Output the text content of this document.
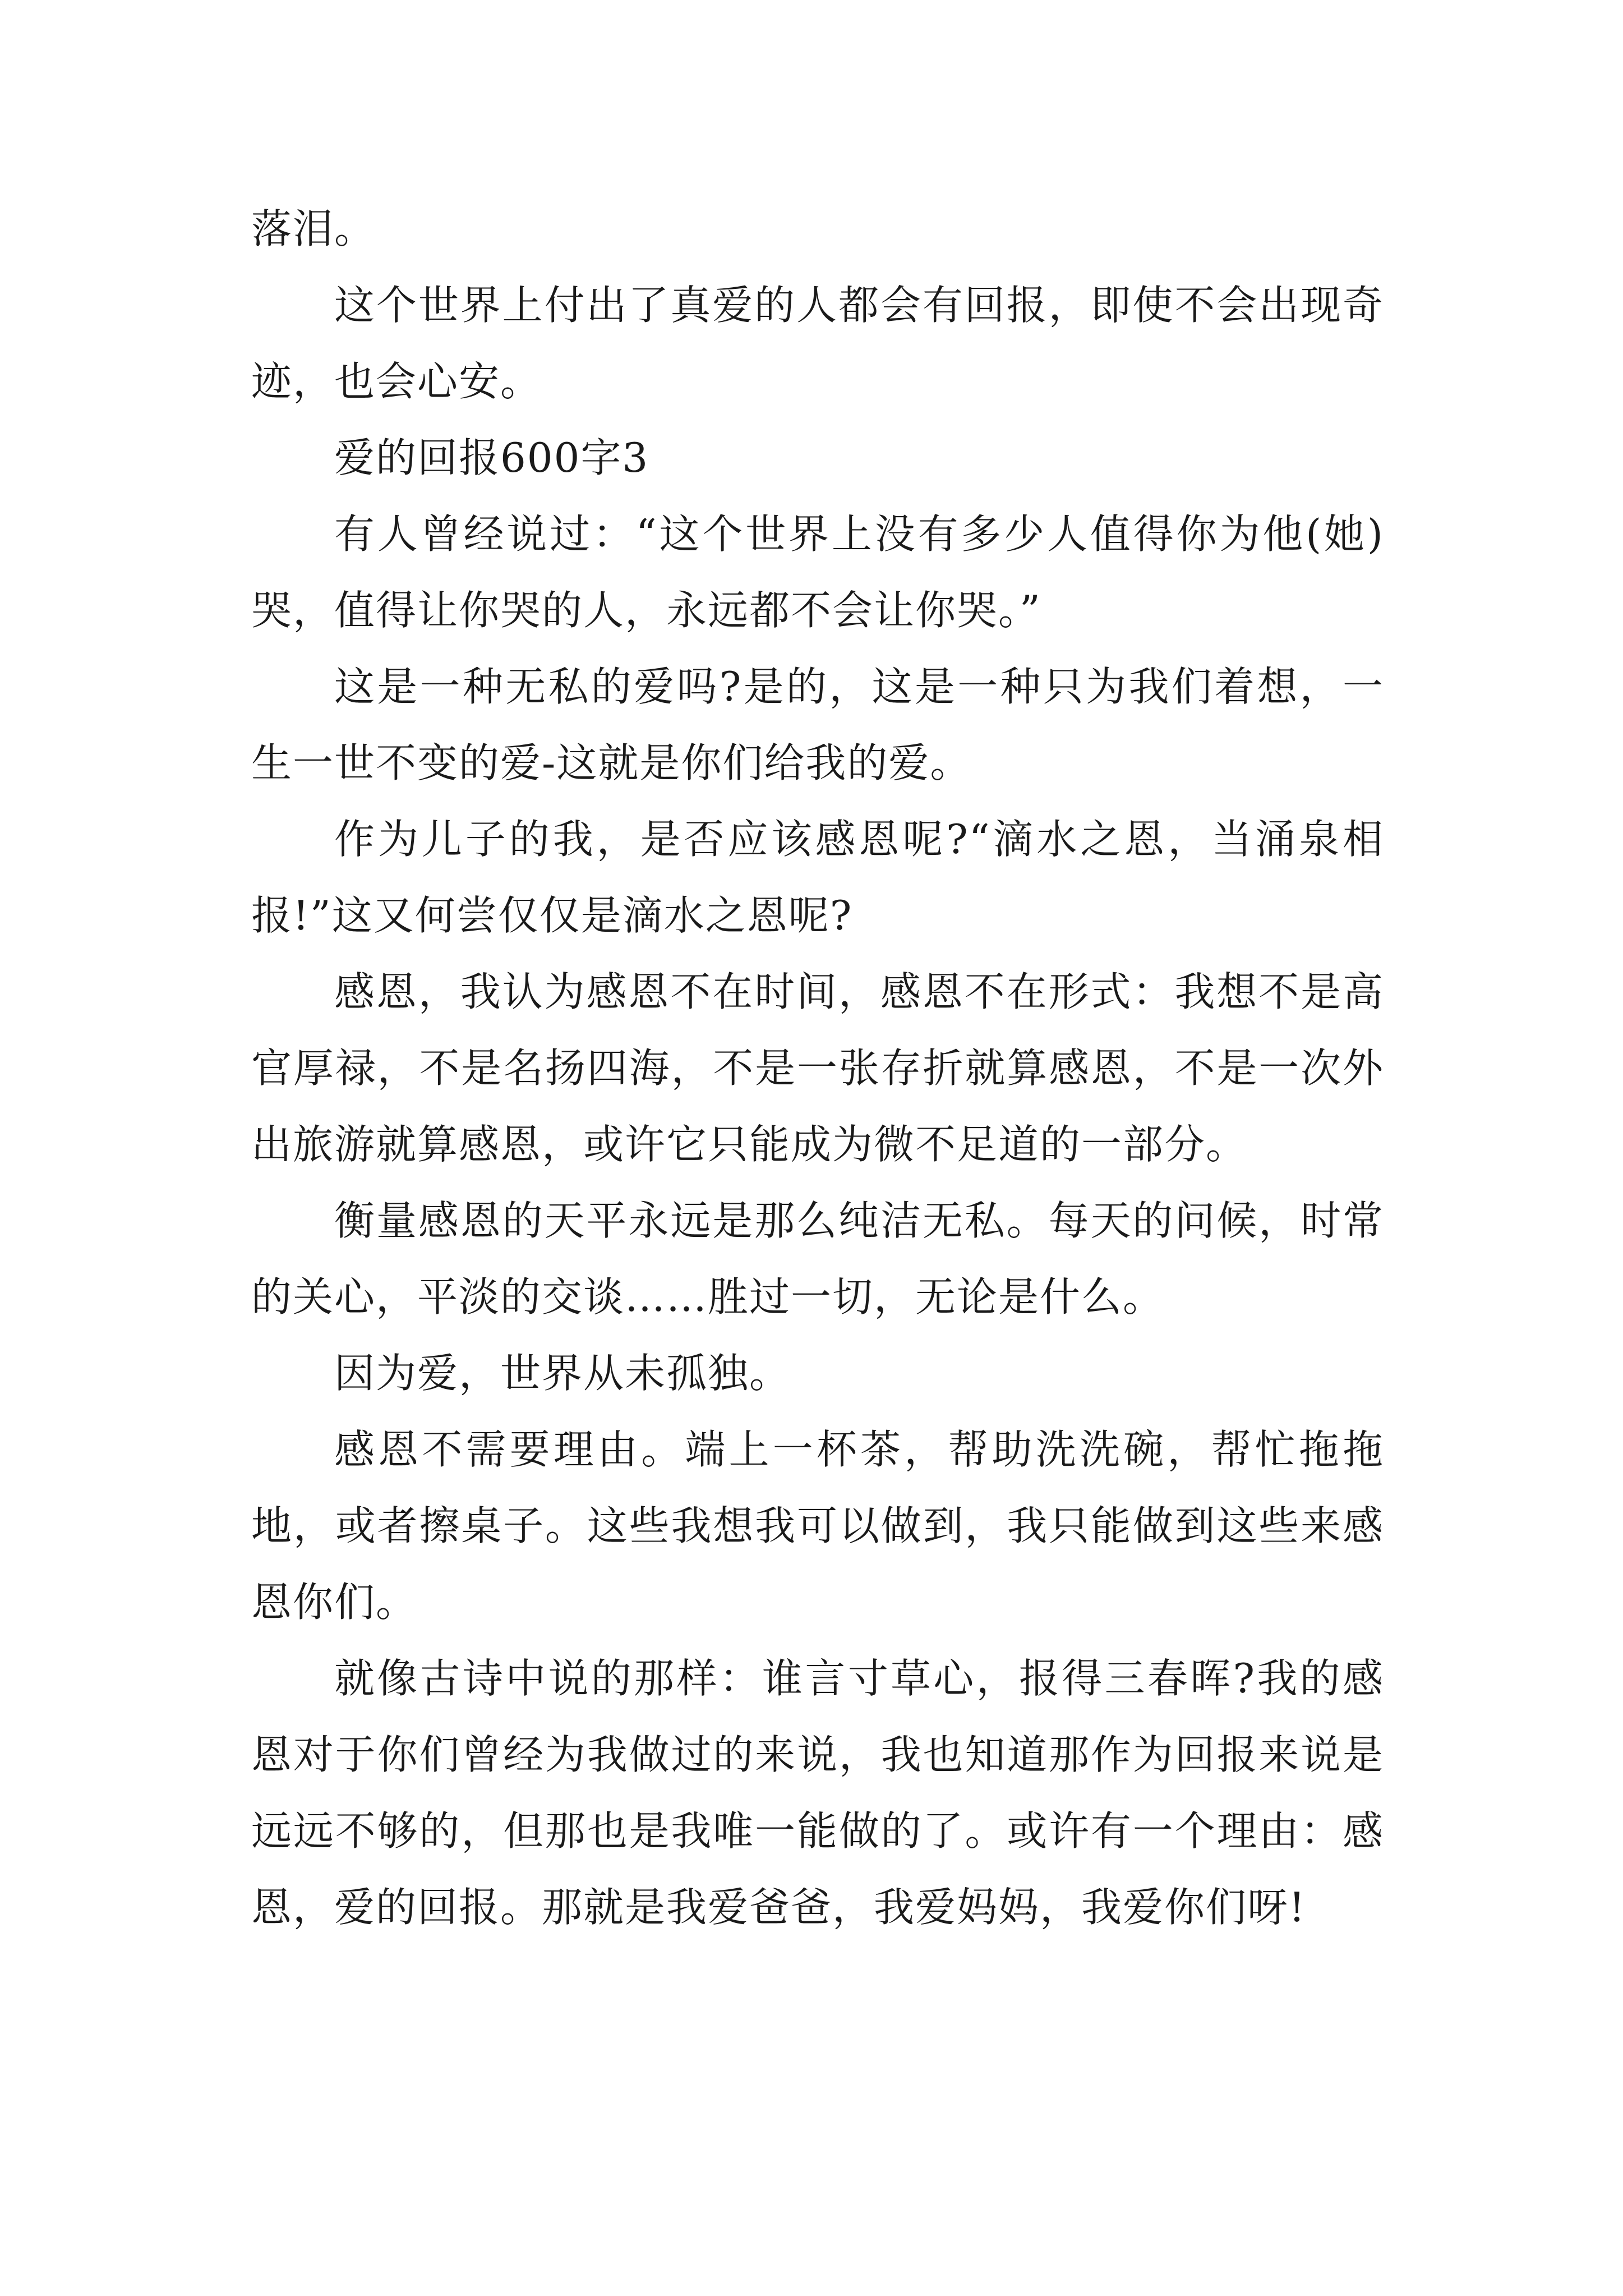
落泪。

这个世界上付出了真爱的人都会有回报，即使不会出现奇迹，也会心安。

爱的回报600字3

有人曾经说过：“这个世界上没有多少人值得你为他(她)哭，值得让你哭的人，永远都不会让你哭。”

这是一种无私的爱吗?是的，这是一种只为我们着想，一生一世不变的爱-这就是你们给我的爱。

作为儿子的我，是否应该感恩呢?“滴水之恩，当涌泉相报!”这又何尝仅仅是滴水之恩呢?

感恩，我认为感恩不在时间，感恩不在形式：我想不是高官厚禄，不是名扬四海，不是一张存折就算感恩，不是一次外出旅游就算感恩，或许它只能成为微不足道的一部分。

衡量感恩的天平永远是那么纯洁无私。每天的问候，时常的关心，平淡的交谈……胜过一切，无论是什么。

因为爱，世界从未孤独。

感恩不需要理由。端上一杯茶，帮助洗洗碗，帮忙拖拖地，或者擦桌子。这些我想我可以做到，我只能做到这些来感恩你们。

就像古诗中说的那样：谁言寸草心，报得三春晖?我的感恩对于你们曾经为我做过的来说，我也知道那作为回报来说是远远不够的，但那也是我唯一能做的了。或许有一个理由：感恩，爱的回报。那就是我爱爸爸，我爱妈妈，我爱你们呀!
